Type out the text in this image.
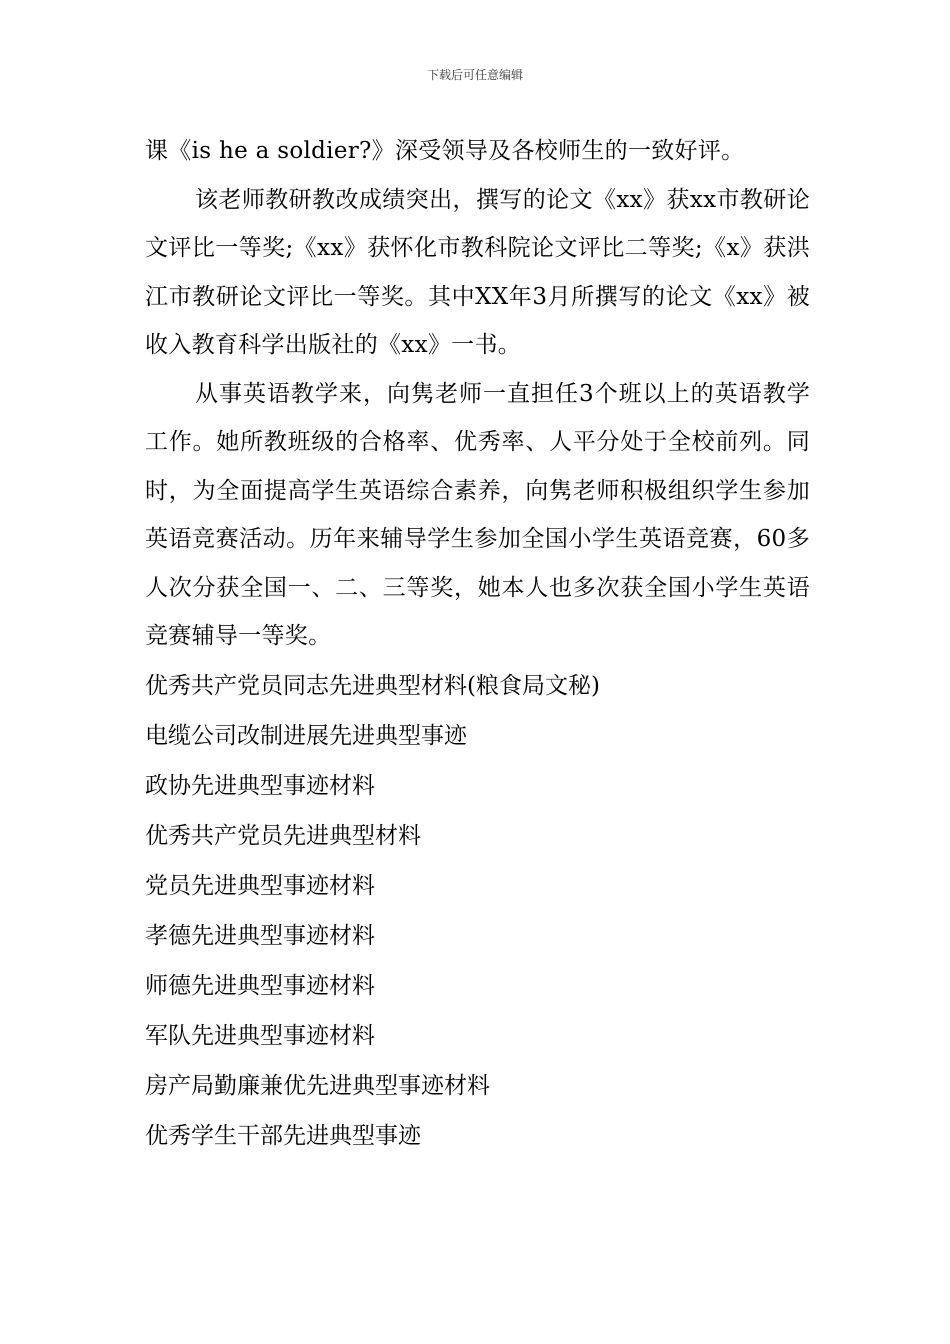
下载后可任意编辑

课《is he a soldier?》深受领导及各校师生的一致好评。

该老师教研教改成绩突出，撰写的论文《xx》获xx市教研论文评比一等奖;《xx》获怀化市教科院论文评比二等奖;《x》获洪江市教研论文评比一等奖。其中XX年3月所撰写的论文《xx》被收入教育科学出版社的《xx》一书。

从事英语教学来，向隽老师一直担任3个班以上的英语教学工作。她所教班级的合格率、优秀率、人平分处于全校前列。同时，为全面提高学生英语综合素养，向隽老师积极组织学生参加英语竞赛活动。历年来辅导学生参加全国小学生英语竞赛，60多人次分获全国一、二、三等奖，她本人也多次获全国小学生英语竞赛辅导一等奖。

优秀共产党员同志先进典型材料(粮食局文秘)
电缆公司改制进展先进典型事迹
政协先进典型事迹材料
优秀共产党员先进典型材料
党员先进典型事迹材料
孝德先进典型事迹材料
师德先进典型事迹材料
军队先进典型事迹材料
房产局勤廉兼优先进典型事迹材料
优秀学生干部先进典型事迹
